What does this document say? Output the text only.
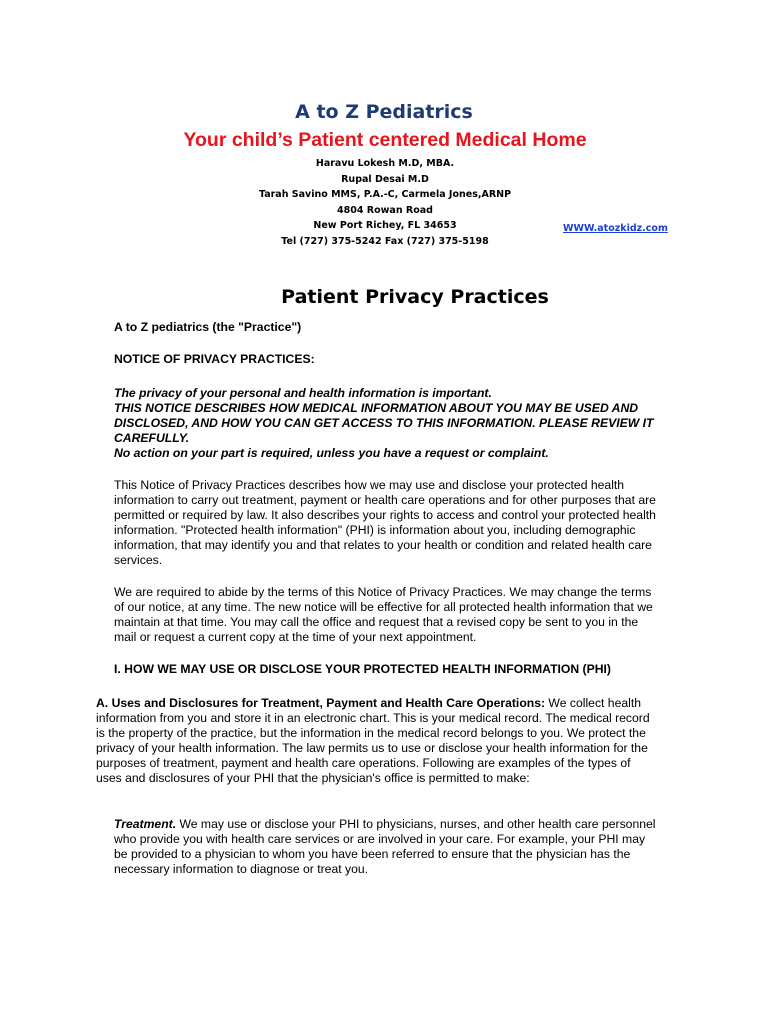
A to Z Pediatrics
Your child’s Patient centered Medical Home
Haravu Lokesh M.D, MBA.
Rupal Desai M.D
Tarah Savino MMS, P.A.-C, Carmela Jones,ARNP
4804 Rowan Road
New Port Richey, FL 34653
Tel (727) 375-5242 Fax (727) 375-5198
WWW.atozkidz.com
Patient Privacy Practices

A to Z pediatrics (the "Practice")

NOTICE OF PRIVACY PRACTICES:

The privacy of your personal and health information is important.

THIS NOTICE DESCRIBES HOW MEDICAL INFORMATION ABOUT YOU MAY BE USED AND DISCLOSED, AND HOW YOU CAN GET ACCESS TO THIS INFORMATION. PLEASE REVIEW IT CAREFULLY.

No action on your part is required, unless you have a request or complaint.

This Notice of Privacy Practices describes how we may use and disclose your protected health information to carry out treatment, payment or health care operations and for other purposes that are permitted or required by law. It also describes your rights to access and control your protected health information. "Protected health information" (PHI) is information about you, including demographic information, that may identify you and that relates to your health or condition and related health care services.

We are required to abide by the terms of this Notice of Privacy Practices. We may change the terms of our notice, at any time. The new notice will be effective for all protected health information that we maintain at that time. You may call the office and request that a revised copy be sent to you in the mail or request a current copy at the time of your next appointment.

I. HOW WE MAY USE OR DISCLOSE YOUR PROTECTED HEALTH INFORMATION (PHI)

A. Uses and Disclosures for Treatment, Payment and Health Care Operations: We collect health information from you and store it in an electronic chart. This is your medical record. The medical record is the property of the practice, but the information in the medical record belongs to you. We protect the privacy of your health information. The law permits us to use or disclose your health information for the purposes of treatment, payment and health care operations. Following are examples of the types of uses and disclosures of your PHI that the physician's office is permitted to make:

Treatment. We may use or disclose your PHI to physicians, nurses, and other health care personnel who provide you with health care services or are involved in your care. For example, your PHI may be provided to a physician to whom you have been referred to ensure that the physician has the necessary information to diagnose or treat you.
